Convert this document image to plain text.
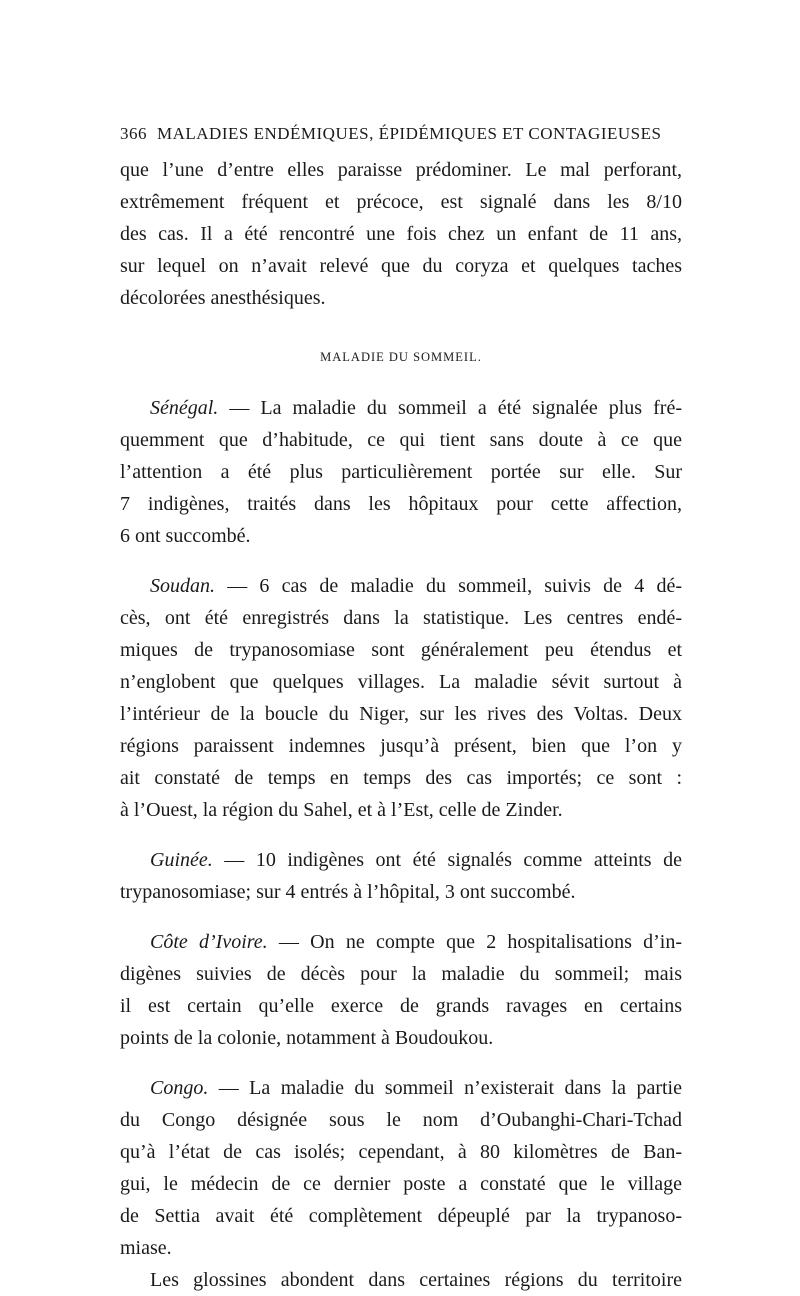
366 MALADIES ENDÉMIQUES, ÉPIDÉMIQUES ET CONTAGIEUSES
que l’une d’entre elles paraisse prédominer. Le mal perforant,
extrêmement fréquent et précoce, est signalé dans les 8/10
des cas. Il a été rencontré une fois chez un enfant de 11 ans,
sur lequel on n’avait relevé que du coryza et quelques taches
décolorées anesthésiques.
MALADIE DU SOMMEIL.
Sénégal. — La maladie du sommeil a été signalée plus fré-
quemment que d’habitude, ce qui tient sans doute à ce que
l’attention a été plus particulièrement portée sur elle. Sur
7 indigènes, traités dans les hôpitaux pour cette affection,
6 ont succombé.
Soudan. — 6 cas de maladie du sommeil, suivis de 4 dé-
cès, ont été enregistrés dans la statistique. Les centres endé-
miques de trypanosomiase sont généralement peu étendus et
n’englobent que quelques villages. La maladie sévit surtout à
l’intérieur de la boucle du Niger, sur les rives des Voltas. Deux
régions paraissent indemnes jusqu’à présent, bien que l’on y
ait constaté de temps en temps des cas importés; ce sont :
à l’Ouest, la région du Sahel, et à l’Est, celle de Zinder.
Guinée. — 10 indigènes ont été signalés comme atteints de
trypanosomiase; sur 4 entrés à l’hôpital, 3 ont succombé.
Côte d’Ivoire. — On ne compte que 2 hospitalisations d’in-
digènes suivies de décès pour la maladie du sommeil; mais
il est certain qu’elle exerce de grands ravages en certains
points de la colonie, notamment à Boudoukou.
Congo. — La maladie du sommeil n’existerait dans la partie
du Congo désignée sous le nom d’Oubanghi-Chari-Tchad
qu’à l’état de cas isolés; cependant, à 80 kilomètres de Ban-
gui, le médecin de ce dernier poste a constaté que le village
de Settia avait été complètement dépeuplé par la trypanoso-
miase.
Les glossines abondent dans certaines régions du territoire
